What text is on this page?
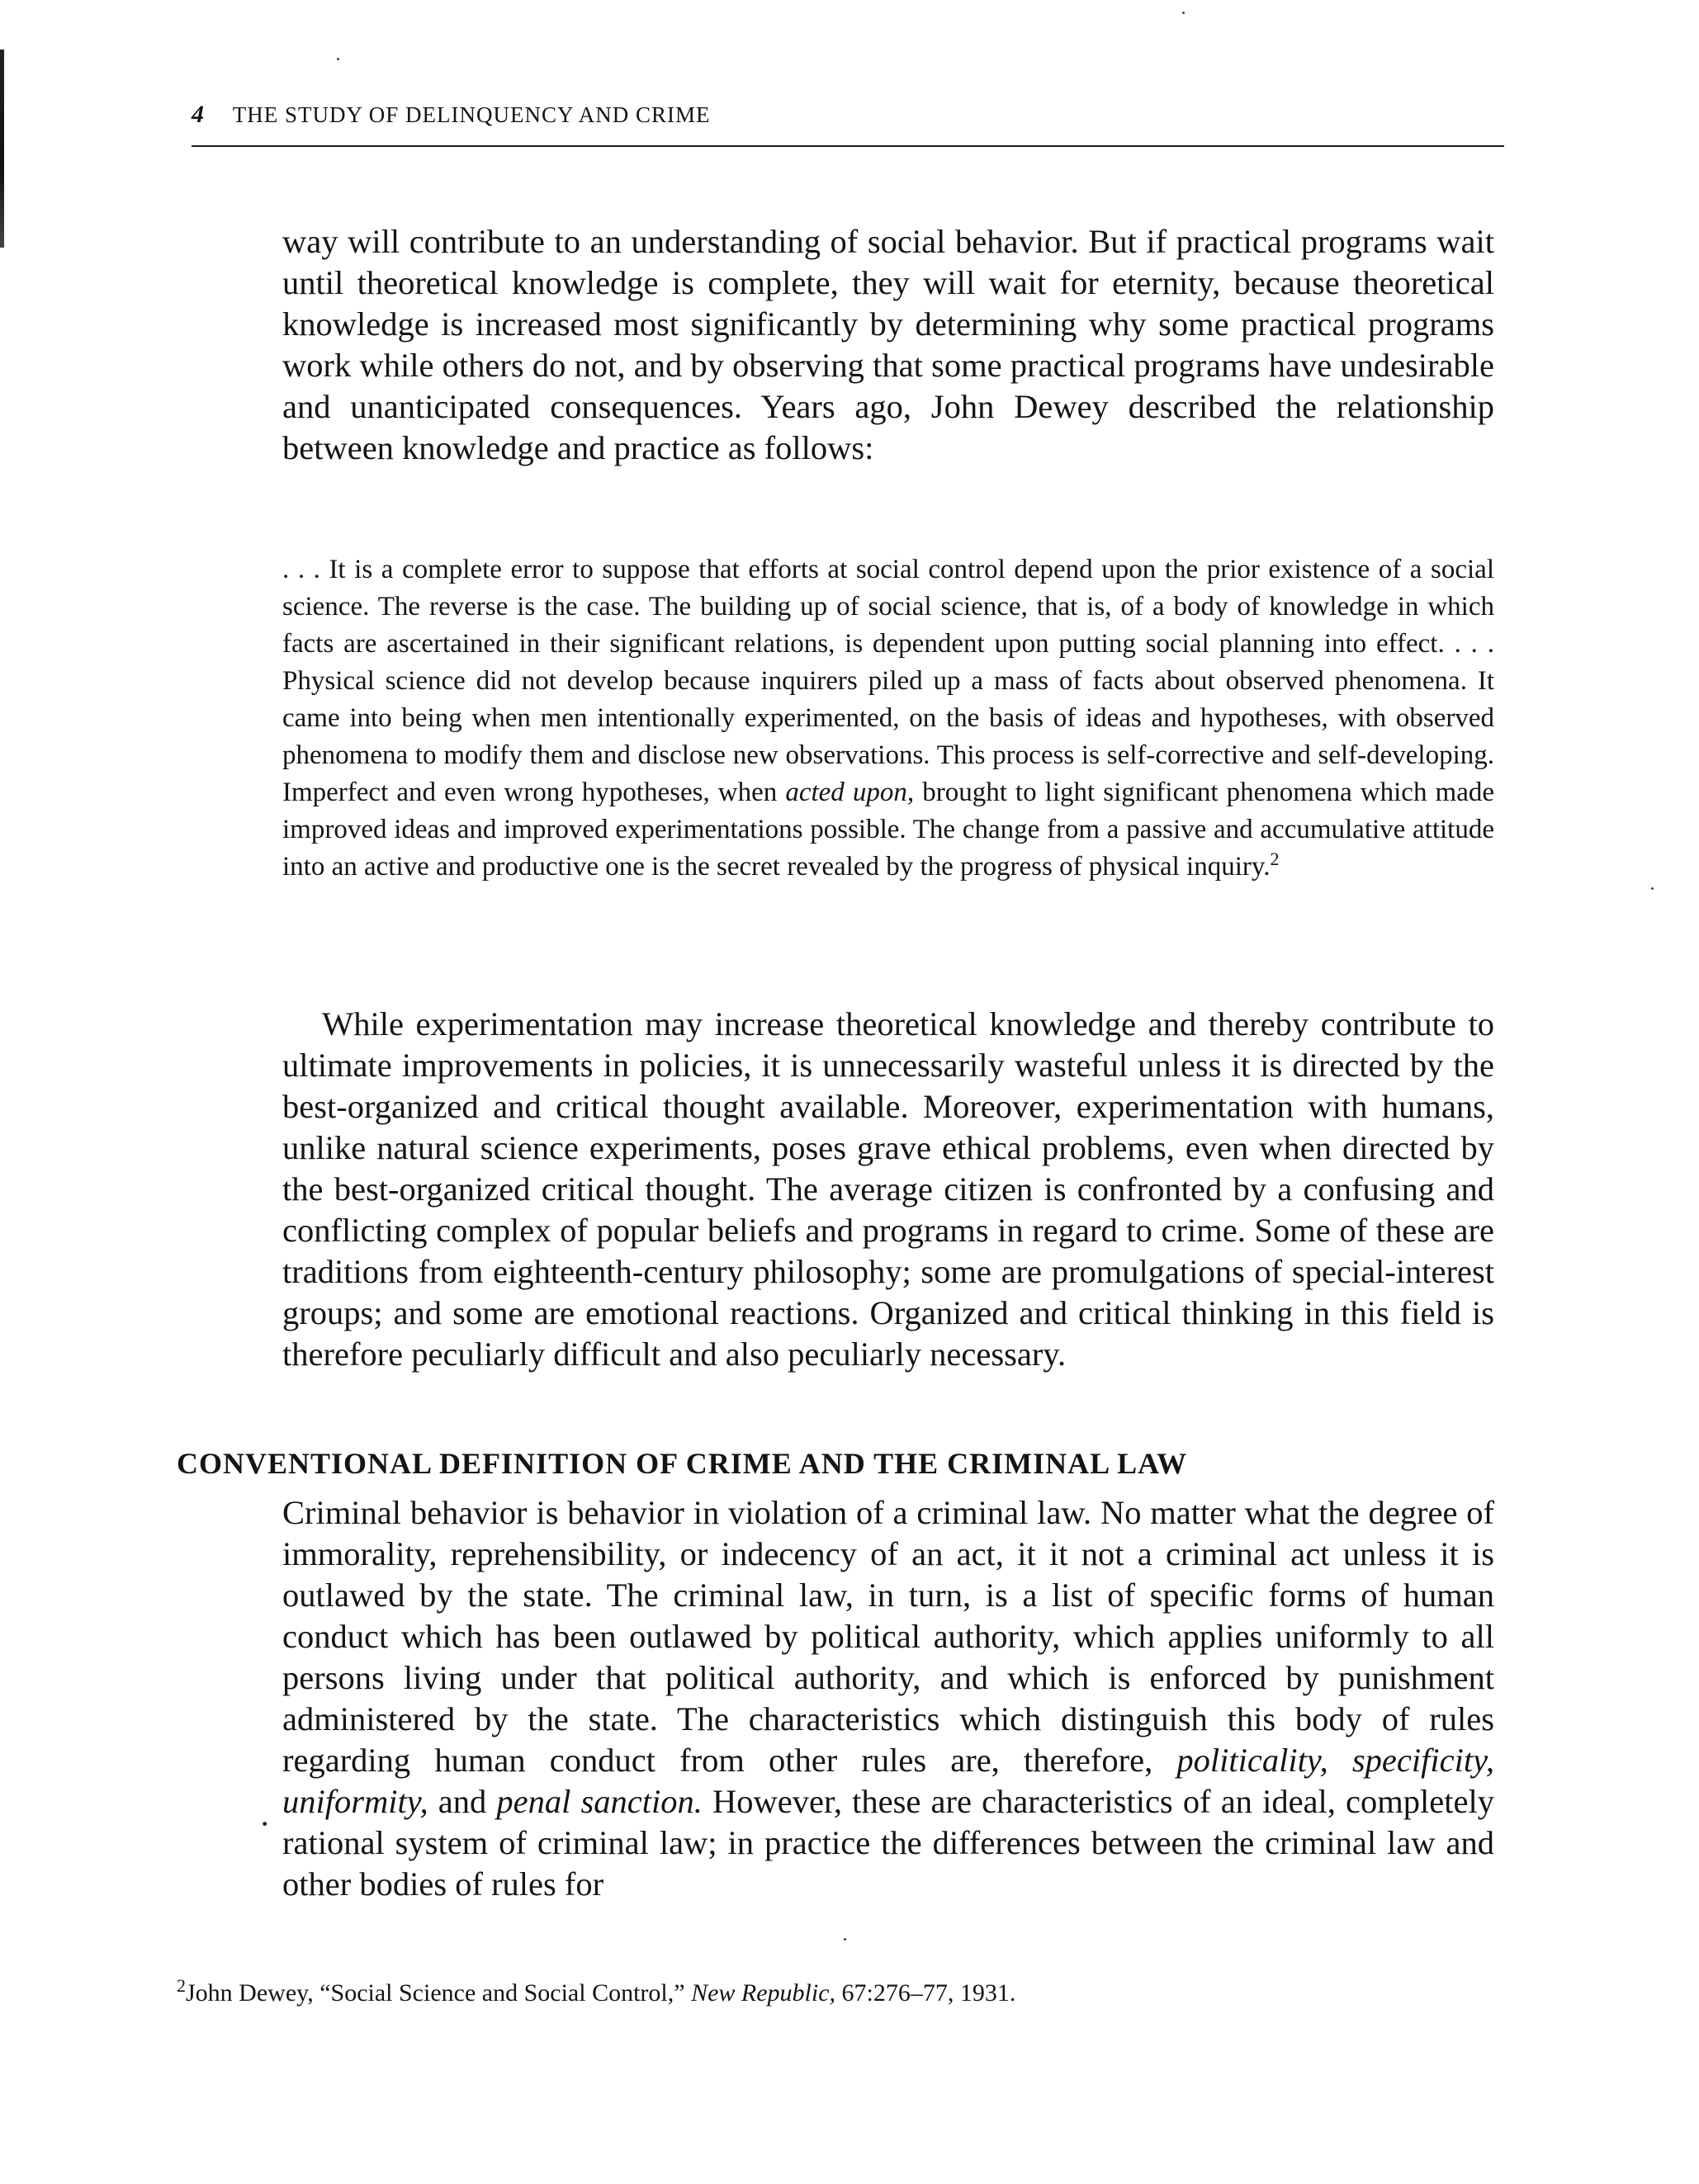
4 THE STUDY OF DELINQUENCY AND CRIME

way will contribute to an understanding of social behavior. But if practical programs wait until theoretical knowledge is complete, they will wait for eternity, because theoretical knowledge is increased most significantly by determining why some practical programs work while others do not, and by observing that some practical programs have undesirable and unanticipated consequences. Years ago, John Dewey described the relationship between knowledge and practice as follows:

. . . It is a complete error to suppose that efforts at social control depend upon the prior existence of a social science. The reverse is the case. The building up of social science, that is, of a body of knowledge in which facts are ascertained in their significant relations, is dependent upon putting social planning into effect. . . . Physical science did not develop because inquirers piled up a mass of facts about observed phenomena. It came into being when men intentionally experimented, on the basis of ideas and hypotheses, with observed phenomena to modify them and disclose new observations. This process is self-corrective and self-developing. Imperfect and even wrong hypotheses, when acted upon, brought to light significant phenomena which made improved ideas and improved experimentations possible. The change from a passive and accumulative attitude into an active and productive one is the secret revealed by the progress of physical inquiry.$^2$

While experimentation may increase theoretical knowledge and thereby contribute to ultimate improvements in policies, it is unnecessarily wasteful unless it is directed by the best-organized and critical thought available. Moreover, experimentation with humans, unlike natural science experiments, poses grave ethical problems, even when directed by the best-organized critical thought. The average citizen is confronted by a confusing and conflicting complex of popular beliefs and programs in regard to crime. Some of these are traditions from eighteenth-century philosophy; some are promulgations of special-interest groups; and some are emotional reactions. Organized and critical thinking in this field is therefore peculiarly difficult and also peculiarly necessary.

CONVENTIONAL DEFINITION OF CRIME AND THE CRIMINAL LAW
·

Criminal behavior is behavior in violation of a criminal law. No matter what the degree of immorality, reprehensibility, or indecency of an act, it it not a criminal act unless it is outlawed by the state. The criminal law, in turn, is a list of specific forms of human conduct which has been outlawed by political authority, which applies uniformly to all persons living under that political authority, and which is enforced by punishment administered by the state. The characteristics which distinguish this body of rules regarding human conduct from other rules are, therefore, politicality, specificity, uniformity, and penal sanction. However, these are characteristics of an ideal, completely rational system of criminal law; in practice the differences between the criminal law and other bodies of rules for

$^2$John Dewey, “Social Science and Social Control,” New Republic, 67:276–77, 1931.
